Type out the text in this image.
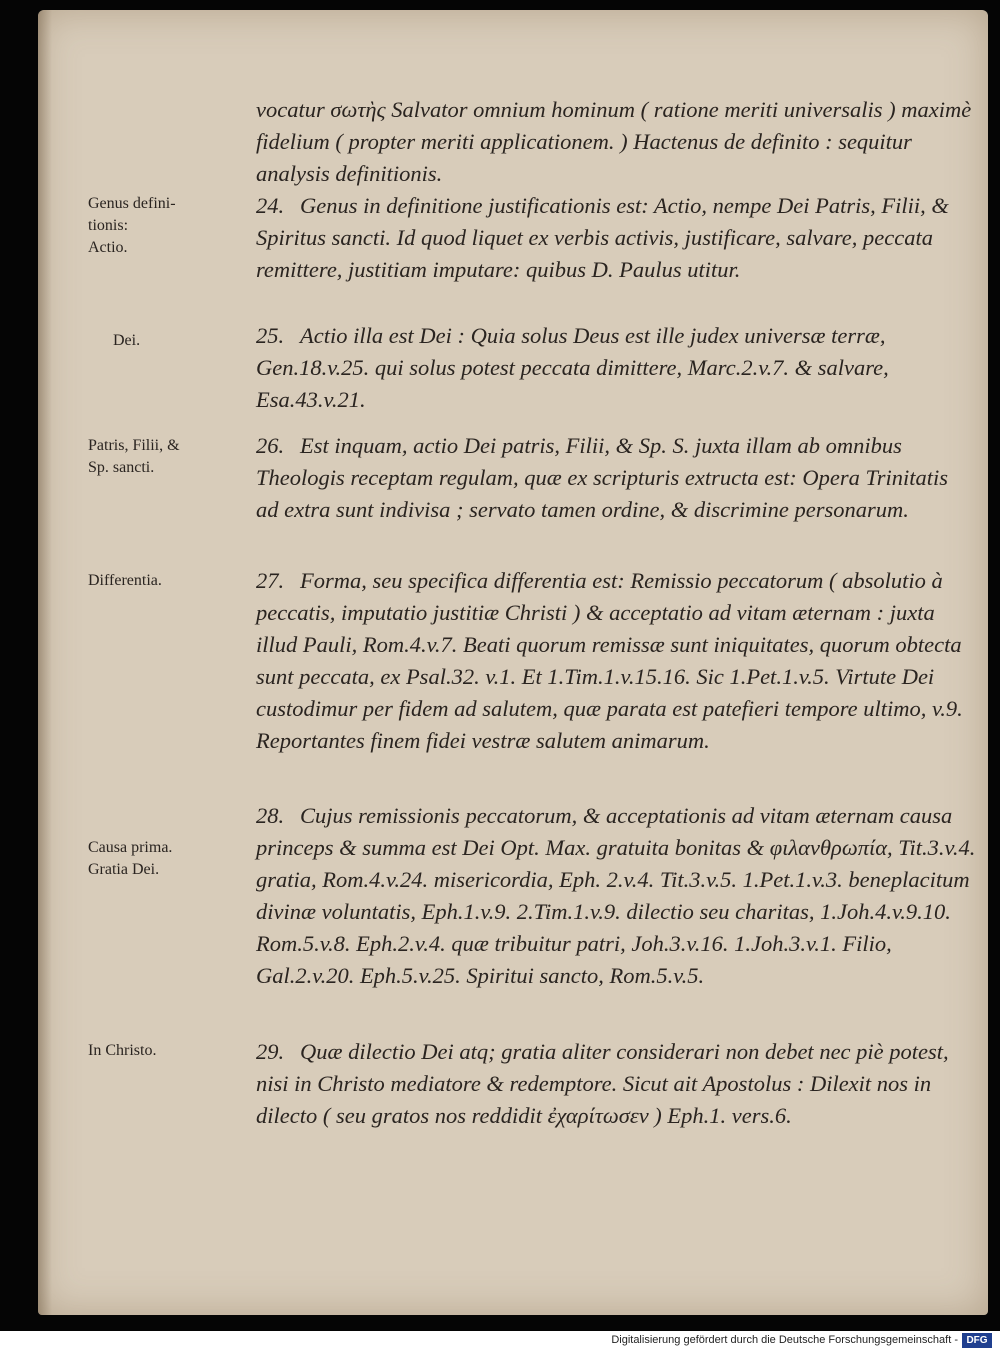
vocatur σωτὴς Salvator omnium hominum ( ratione meriti universalis ) maximè fidelium ( propter meriti applicationem. ) Hactenus de definito : sequitur analysis definitionis.

Genus defini-
tionis:
Actio.

24. Genus in definitione justificationis est: Actio, nempe Dei Patris, Filii, & Spiritus sancti. Id quod liquet ex verbis activis, justificare, salvare, peccata remittere, justitiam imputare: quibus D. Paulus utitur.

Dei.	25. Actio illa est Dei : Quia solus Deus est ille judex universæ terræ, Gen.18.v.25. qui solus potest peccata dimittere, Marc.2.v.7. & salvare, Esa.43.v.21.

Patris, Filii, &
Sp. sancti.

26. Est inquam, actio Dei patris, Filii, & Sp. S. juxta illam ab omnibus Theologis receptam regulam, quæ ex scripturis extructa est: Opera Trinitatis ad extra sunt indivisa ; servato tamen ordine, & discrimine personarum.

Differentia.	27. Forma, seu specifica differentia est: Remissio peccatorum ( absolutio à peccatis, imputatio justitiæ Christi ) & acceptatio ad vitam æternam : juxta illud Pauli, Rom.4.v.7. Beati quorum remissæ sunt iniquitates, quorum obtecta sunt peccata, ex Psal.32. v.1. Et 1.Tim.1.v.15.16. Sic 1.Pet.1.v.5. Virtute Dei custodimur per fidem ad salutem, quæ parata est patefieri tempore ultimo, v.9. Reportantes finem fidei vestræ salutem animarum.

Causa prima.
Gratia Dei.

28. Cujus remissionis peccatorum, & acceptationis ad vitam æternam causa princeps & summa est Dei Opt. Max. gratuita bonitas & φιλανθρωπία, Tit.3.v.4. gratia, Rom.4.v.24. misericordia, Eph. 2.v.4. Tit.3.v.5. 1.Pet.1.v.3. beneplacitum divinæ voluntatis, Eph.1.v.9. 2.Tim.1.v.9. dilectio seu charitas, 1.Joh.4.v.9.10. Rom.5.v.8. Eph.2.v.4. quæ tribuitur patri, Joh.3.v.16. 1.Joh.3.v.1. Filio, Gal.2.v.20. Eph.5.v.25. Spiritui sancto, Rom.5.v.5.

In Christo.	29. Quæ dilectio Dei atq; gratia aliter considerari non debet nec piè potest, nisi in Christo mediatore & redemptore. Sicut ait Apostolus : Dilexit nos in dilecto ( seu gratos nos reddidit ἐχαρίτωσεν ) Eph.1. vers.6.

Digitalisierung gefördert durch die Deutsche Forschungsgemeinschaft - DFG
